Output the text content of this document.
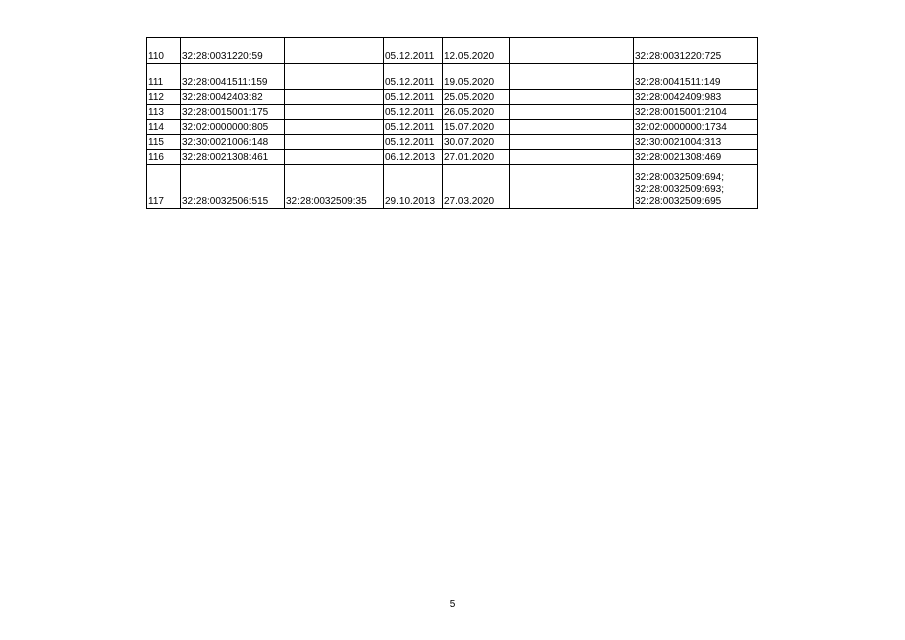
110	32:28:0031220:59		05.12.2011	12.05.2020		32:28:0031220:725
111	32:28:0041511:159		05.12.2011	19.05.2020		32:28:0041511:149
112	32:28:0042403:82		05.12.2011	25.05.2020		32:28:0042409:983
113	32:28:0015001:175		05.12.2011	26.05.2020		32:28:0015001:2104
114	32:02:0000000:805		05.12.2011	15.07.2020		32:02:0000000:1734
115	32:30:0021006:148		05.12.2011	30.07.2020		32:30:0021004:313
116	32:28:0021308:461		06.12.2013	27.01.2020		32:28:0021308:469
117	32:28:0032506:515	32:28:0032509:35	29.10.2013	27.03.2020		32:28:0032509:694;
32:28:0032509:693;
32:28:0032509:695
5
